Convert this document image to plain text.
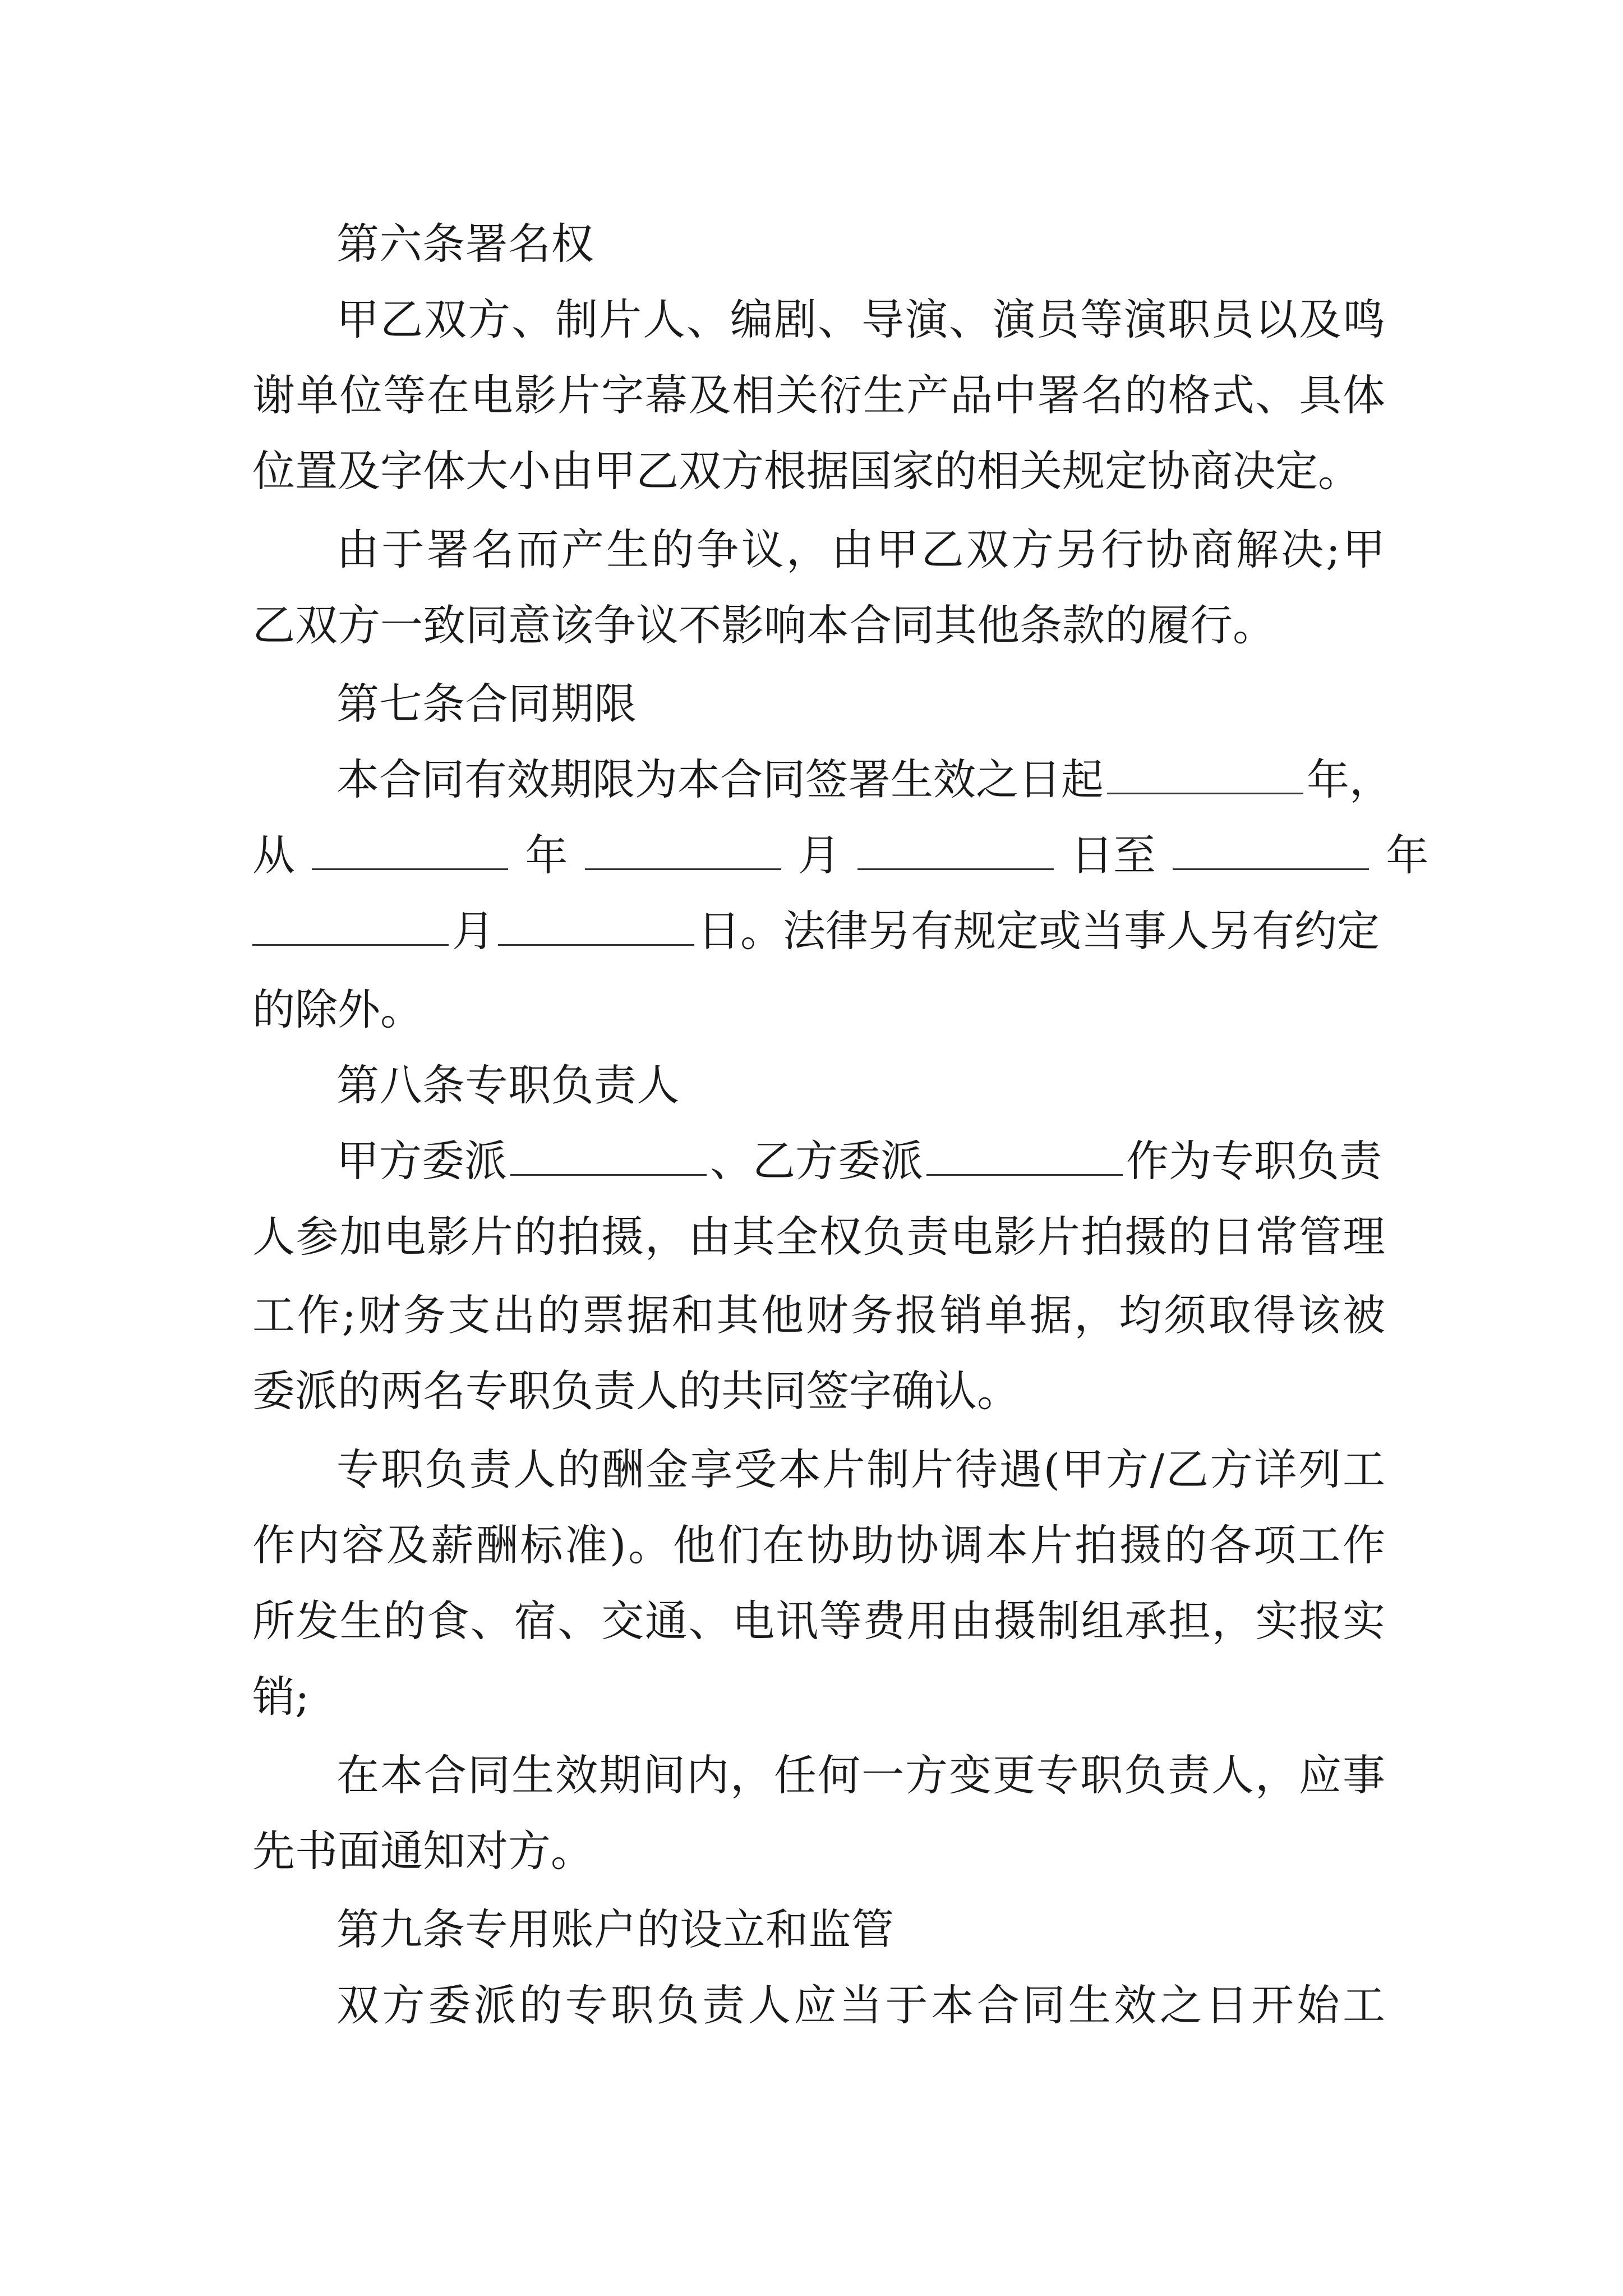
第六条署名权
甲乙双方、制片人、编剧、导演、演员等演职员以及鸣
谢单位等在电影片字幕及相关衍生产品中署名的格式、具体
位置及字体大小由甲乙双方根据国家的相关规定协商决定。
由于署名而产生的争议，由甲乙双方另行协商解决;甲
乙双方一致同意该争议不影响本合同其他条款的履行。
第七条合同期限
本合同有效期限为本合同签署生效之日起	年，
从	年	月	日至	年
月	日。法律另有规定或当事人另有约定
的除外。
第八条专职负责人
甲方委派	、乙方委派	作为专职负责
人参加电影片的拍摄，由其全权负责电影片拍摄的日常管理
工作;财务支出的票据和其他财务报销单据，均须取得该被
委派的两名专职负责人的共同签字确认。
专职负责人的酬金享受本片制片待遇(甲方/乙方详列工
作内容及薪酬标准)。他们在协助协调本片拍摄的各项工作
所发生的食、宿、交通、电讯等费用由摄制组承担，实报实
销;
在本合同生效期间内，任何一方变更专职负责人，应事
先书面通知对方。
第九条专用账户的设立和监管
双方委派的专职负责人应当于本合同生效之日开始工
